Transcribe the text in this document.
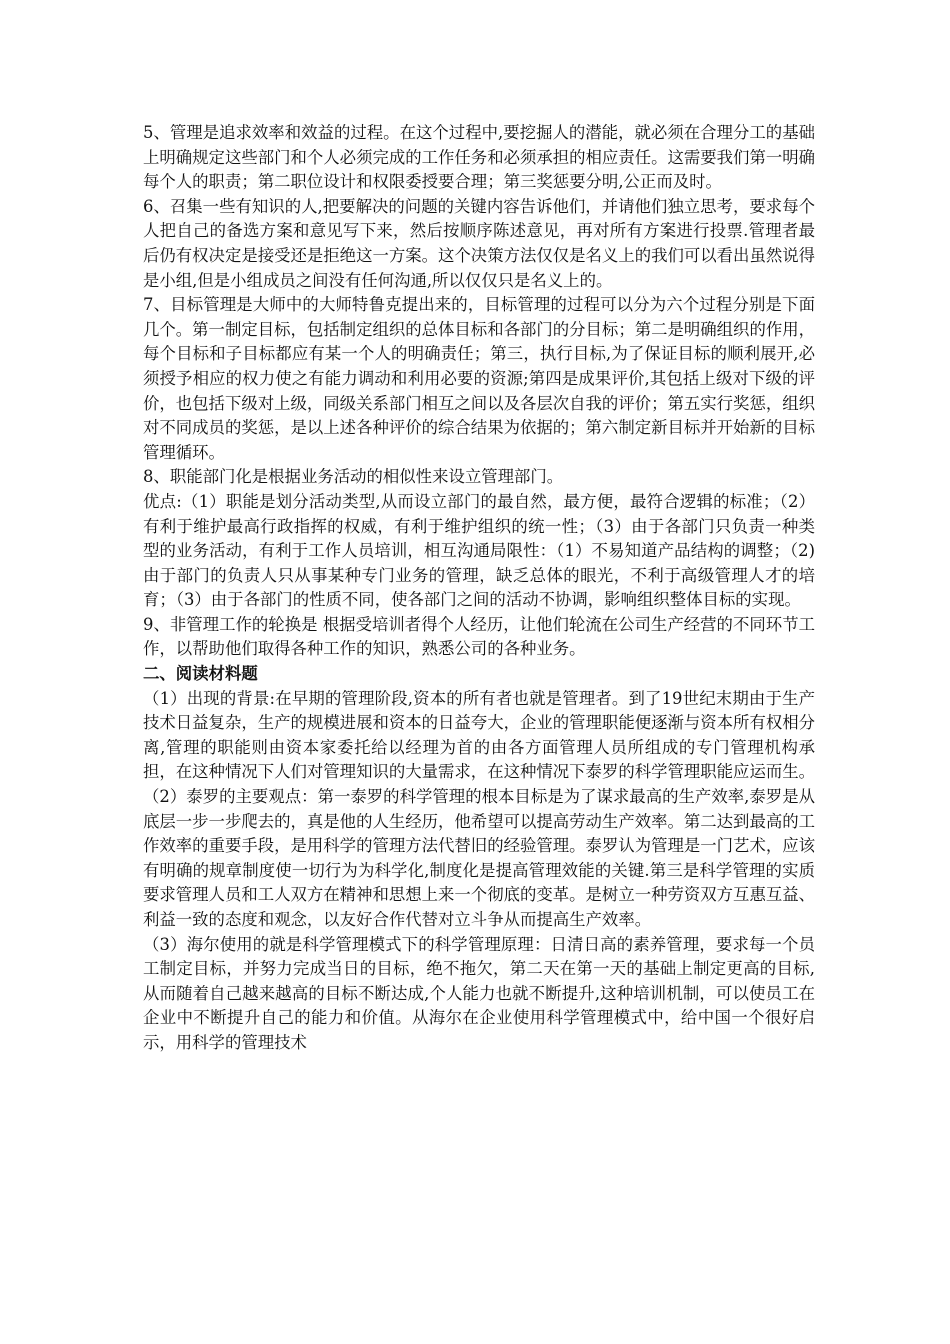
5、管理是追求效率和效益的过程。在这个过程中,要挖掘人的潜能，就必须在合理分工的基础上明确规定这些部门和个人必须完成的工作任务和必须承担的相应责任。这需要我们第一明确每个人的职责；第二职位设计和权限委授要合理；第三奖惩要分明,公正而及时。

6、召集一些有知识的人,把要解决的问题的关键内容告诉他们，并请他们独立思考，要求每个人把自己的备选方案和意见写下来，然后按顺序陈述意见，再对所有方案进行投票.管理者最后仍有权决定是接受还是拒绝这一方案。这个决策方法仅仅是名义上的我们可以看出虽然说得是小组,但是小组成员之间没有任何沟通,所以仅仅只是名义上的。

7、目标管理是大师中的大师特鲁克提出来的，目标管理的过程可以分为六个过程分别是下面几个。第一制定目标，包括制定组织的总体目标和各部门的分目标；第二是明确组织的作用，每个目标和子目标都应有某一个人的明确责任；第三，执行目标,为了保证目标的顺利展开,必须授予相应的权力使之有能力调动和利用必要的资源;第四是成果评价,其包括上级对下级的评价，也包括下级对上级，同级关系部门相互之间以及各层次自我的评价；第五实行奖惩，组织对不同成员的奖惩，是以上述各种评价的综合结果为依据的；第六制定新目标并开始新的目标管理循环。

8、职能部门化是根据业务活动的相似性来设立管理部门。

优点:（1）职能是划分活动类型,从而设立部门的最自然，最方便，最符合逻辑的标准；（2）有利于维护最高行政指挥的权威，有利于维护组织的统一性；（3）由于各部门只负责一种类型的业务活动，有利于工作人员培训，相互沟通局限性：（1）不易知道产品结构的调整；（2)由于部门的负责人只从事某种专门业务的管理，缺乏总体的眼光，不利于高级管理人才的培育；（3）由于各部门的性质不同，使各部门之间的活动不协调，影响组织整体目标的实现。

9、非管理工作的轮换是 根据受培训者得个人经历，让他们轮流在公司生产经营的不同环节工作，以帮助他们取得各种工作的知识，熟悉公司的各种业务。

二、阅读材料题

（1）出现的背景:在早期的管理阶段,资本的所有者也就是管理者。到了19世纪末期由于生产技术日益复杂，生产的规模进展和资本的日益夸大，企业的管理职能便逐渐与资本所有权相分离,管理的职能则由资本家委托给以经理为首的由各方面管理人员所组成的专门管理机构承担，在这种情况下人们对管理知识的大量需求，在这种情况下泰罗的科学管理职能应运而生。

（2）泰罗的主要观点：第一泰罗的科学管理的根本目标是为了谋求最高的生产效率,泰罗是从底层一步一步爬去的，真是他的人生经历，他希望可以提高劳动生产效率。第二达到最高的工作效率的重要手段，是用科学的管理方法代替旧的经验管理。泰罗认为管理是一门艺术，应该有明确的规章制度使一切行为为科学化,制度化是提高管理效能的关键.第三是科学管理的实质要求管理人员和工人双方在精神和思想上来一个彻底的变革。是树立一种劳资双方互惠互益、利益一致的态度和观念，以友好合作代替对立斗争从而提高生产效率。

（3）海尔使用的就是科学管理模式下的科学管理原理：日清日高的素养管理，要求每一个员工制定目标，并努力完成当日的目标，绝不拖欠，第二天在第一天的基础上制定更高的目标,从而随着自己越来越高的目标不断达成,个人能力也就不断提升,这种培训机制，可以使员工在企业中不断提升自己的能力和价值。从海尔在企业使用科学管理模式中，给中国一个很好启示，用科学的管理技术
